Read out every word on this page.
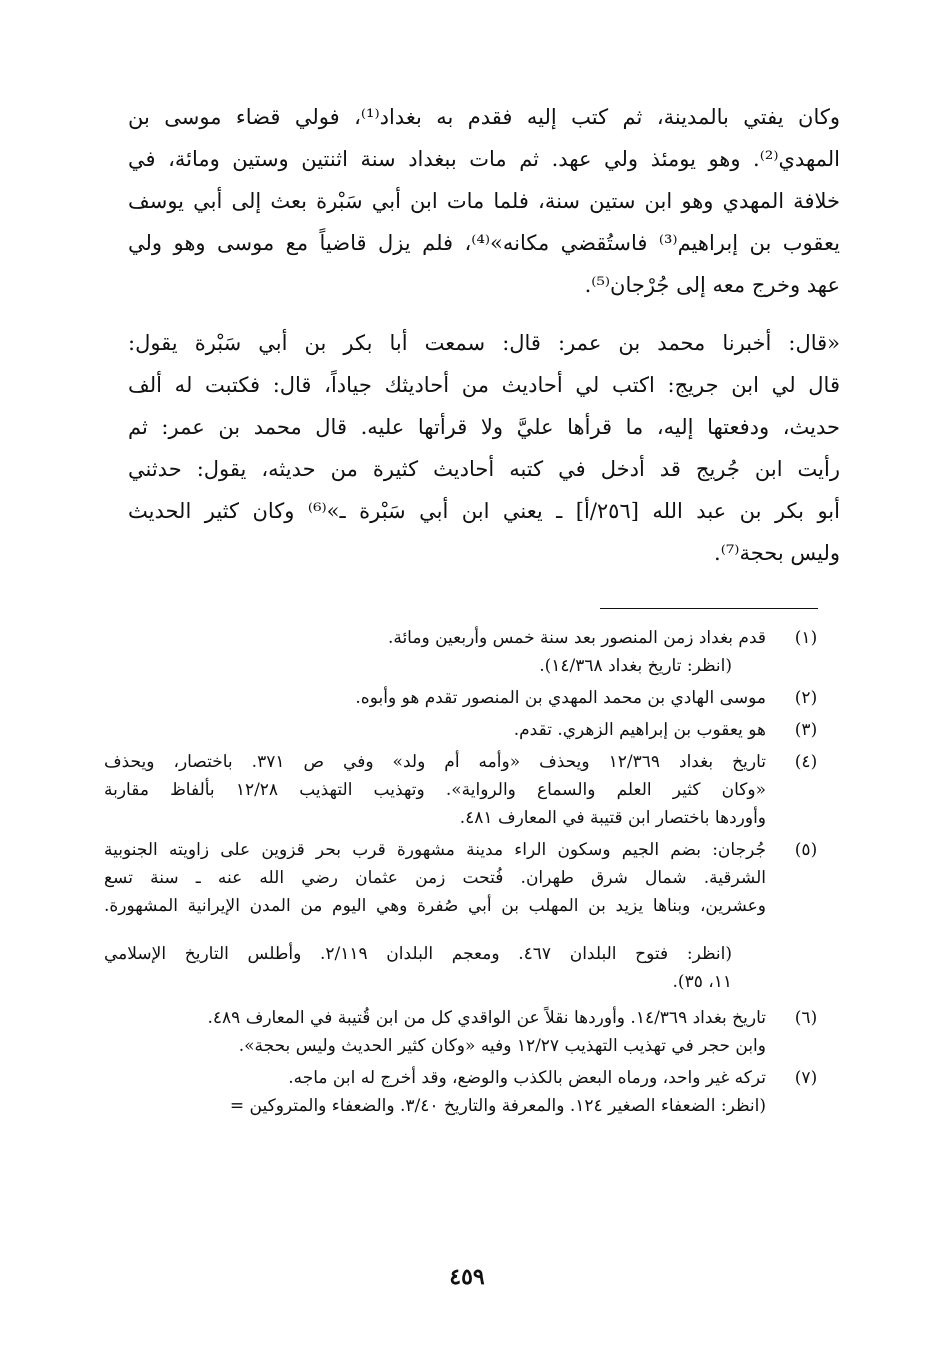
وكان يفتي بالمدينة، ثم كتب إليه فقدم به بغداد⁽¹⁾، فولي قضاء موسى بن
المهدي⁽²⁾. وهو يومئذ ولي عهد. ثم مات ببغداد سنة اثنتين وستين ومائة، في
خلافة المهدي وهو ابن ستين سنة، فلما مات ابن أبي سَبْرة بعث إلى أبي يوسف
يعقوب بن إبراهيم⁽³⁾ فاستُقضي مكانه»⁽⁴⁾، فلم يزل قاضياً مع موسى وهو ولي
عهد وخرج معه إلى جُرْجان⁽⁵⁾.
«قال: أخبرنا محمد بن عمر: قال: سمعت أبا بكر بن أبي سَبْرة يقول:
قال لي ابن جريج: اكتب لي أحاديث من أحاديثك جياداً، قال: فكتبت له ألف
حديث، ودفعتها إليه، ما قرأها عليَّ ولا قرأتها عليه. قال محمد بن عمر: ثم
رأيت ابن جُريج قد أدخل في كتبه أحاديث كثيرة من حديثه، يقول: حدثني
أبو بكر بن عبد الله [٢٥٦/أ] ـ يعني ابن أبي سَبْرة ـ»⁽⁶⁾ وكان كثير الحديث
وليس بحجة⁽⁷⁾.
(١)
قدم بغداد زمن المنصور بعد سنة خمس وأربعين ومائة.
(انظر: تاريخ بغداد ١٤/٣٦٨).
(٢)
موسى الهادي بن محمد المهدي بن المنصور تقدم هو وأبوه.
(٣)
هو يعقوب بن إبراهيم الزهري. تقدم.
(٤)
تاريخ بغداد ١٢/٣٦٩ ويحذف «وأمه أم ولد» وفي ص ٣٧١. باختصار، ويحذف
«وكان كثير العلم والسماع والرواية». وتهذيب التهذيب ١٢/٢٨ بألفاظ مقاربة
وأوردها باختصار ابن قتيبة في المعارف ٤٨١.
(٥)
جُرجان: بضم الجيم وسكون الراء مدينة مشهورة قرب بحر قزوين على زاويته الجنوبية
الشرقية. شمال شرق طهران. فُتحت زمن عثمان رضي الله عنه ـ سنة تسع
وعشرين، وبناها يزيد بن المهلب بن أبي صُفرة وهي اليوم من المدن الإيرانية المشهورة.
(انظر: فتوح البلدان ٤٦٧. ومعجم البلدان ٢/١١٩. وأطلس التاريخ الإسلامي
١١، ٣٥).
(٦)
تاريخ بغداد ١٤/٣٦٩. وأوردها نقلاً عن الواقدي كل من ابن قُتيبة في المعارف ٤٨٩.
وابن حجر في تهذيب التهذيب ١٢/٢٧ وفيه «وكان كثير الحديث وليس بحجة».
(٧)
تركه غير واحد، ورماه البعض بالكذب والوضع، وقد أخرج له ابن ماجه.
(انظر: الضعفاء الصغير ١٢٤. والمعرفة والتاريخ ٣/٤٠. والضعفاء والمتروكين =
٤٥٩
